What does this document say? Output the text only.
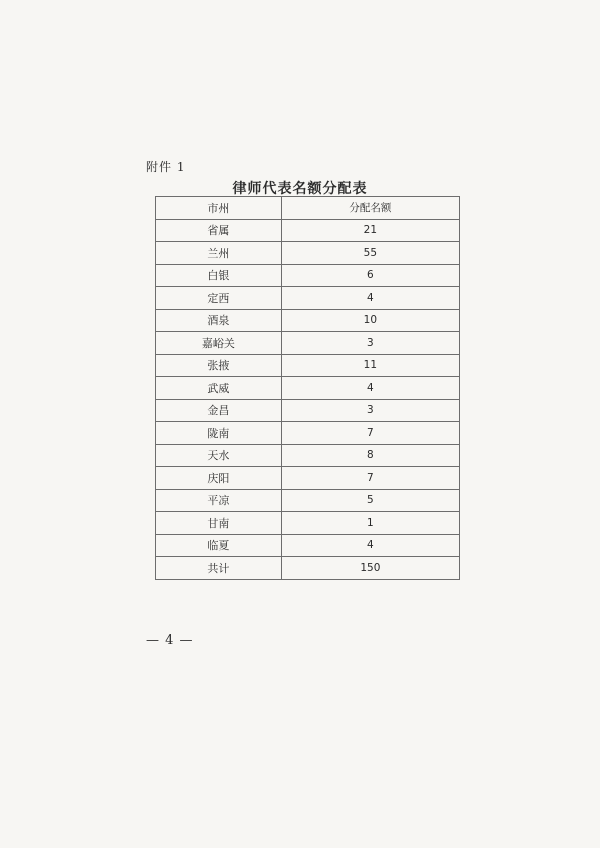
附件 1
律师代表名额分配表
市州	分配名额
省属	21
兰州	55
白银	6
定西	4
酒泉	10
嘉峪关	3
张掖	11
武威	4
金昌	3
陇南	7
天水	8
庆阳	7
平凉	5
甘南	1
临夏	4
共计	150
— 4 —
